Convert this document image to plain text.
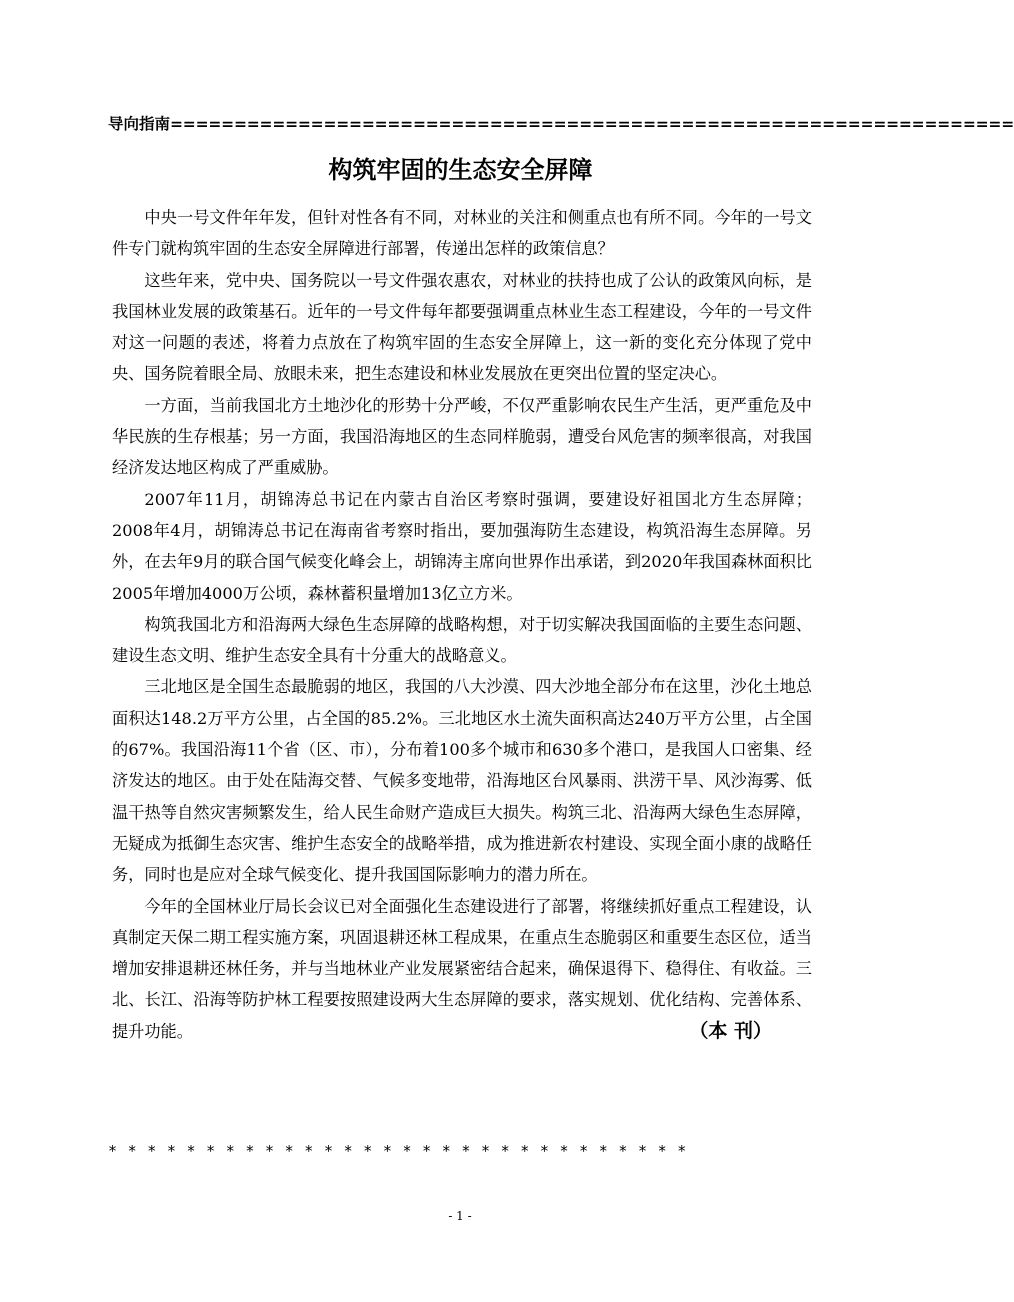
导向指南==================================================================
构筑牢固的生态安全屏障

中央一号文件年年发，但针对性各有不同，对林业的关注和侧重点也有所不同。今年的一号文件专门就构筑牢固的生态安全屏障进行部署，传递出怎样的政策信息？

这些年来，党中央、国务院以一号文件强农惠农，对林业的扶持也成了公认的政策风向标，是我国林业发展的政策基石。近年的一号文件每年都要强调重点林业生态工程建设，今年的一号文件对这一问题的表述，将着力点放在了构筑牢固的生态安全屏障上，这一新的变化充分体现了党中央、国务院着眼全局、放眼未来，把生态建设和林业发展放在更突出位置的坚定决心。

一方面，当前我国北方土地沙化的形势十分严峻，不仅严重影响农民生产生活，更严重危及中华民族的生存根基；另一方面，我国沿海地区的生态同样脆弱，遭受台风危害的频率很高，对我国经济发达地区构成了严重威胁。

2007年11月，胡锦涛总书记在内蒙古自治区考察时强调，要建设好祖国北方生态屏障；2008年4月，胡锦涛总书记在海南省考察时指出，要加强海防生态建设，构筑沿海生态屏障。另外，在去年9月的联合国气候变化峰会上，胡锦涛主席向世界作出承诺，到2020年我国森林面积比2005年增加4000万公顷，森林蓄积量增加13亿立方米。

构筑我国北方和沿海两大绿色生态屏障的战略构想，对于切实解决我国面临的主要生态问题、建设生态文明、维护生态安全具有十分重大的战略意义。

三北地区是全国生态最脆弱的地区，我国的八大沙漠、四大沙地全部分布在这里，沙化土地总面积达148.2万平方公里，占全国的85.2%。三北地区水土流失面积高达240万平方公里，占全国的67%。我国沿海11个省（区、市），分布着100多个城市和630多个港口，是我国人口密集、经济发达的地区。由于处在陆海交替、气候多变地带，沿海地区台风暴雨、洪涝干旱、风沙海雾、低温干热等自然灾害频繁发生，给人民生命财产造成巨大损失。构筑三北、沿海两大绿色生态屏障，无疑成为抵御生态灾害、维护生态安全的战略举措，成为推进新农村建设、实现全面小康的战略任务，同时也是应对全球气候变化、提升我国国际影响力的潜力所在。

今年的全国林业厅局长会议已对全面强化生态建设进行了部署，将继续抓好重点工程建设，认真制定天保二期工程实施方案，巩固退耕还林工程成果，在重点生态脆弱区和重要生态区位，适当增加安排退耕还林任务，并与当地林业产业发展紧密结合起来，确保退得下、稳得住、有收益。三北、长江、沿海等防护林工程要按照建设两大生态屏障的要求，落实规划、优化结构、完善体系、提升功能。	（本 刊）

******************************
- 1 -
